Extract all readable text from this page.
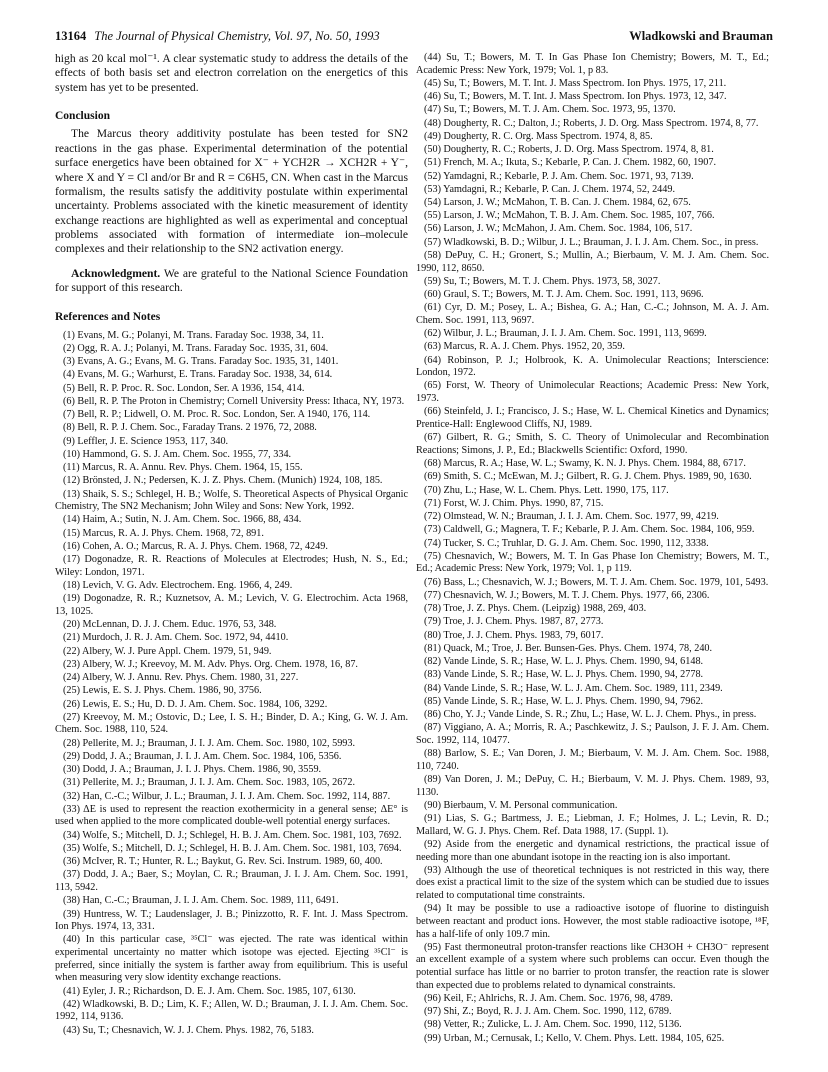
13164 The Journal of Physical Chemistry, Vol. 97, No. 50, 1993	Wladkowski and Brauman

high as 20 kcal mol⁻¹. A clear systematic study to address the details of the effects of both basis set and electron correlation on the energetics of this system has yet to be presented.

Conclusion

The Marcus theory additivity postulate has been tested for SN2 reactions in the gas phase. Experimental determination of the potential surface energetics have been obtained for X⁻ + YCH2R → XCH2R + Y⁻, where X and Y = Cl and/or Br and R = C6H5, CN. When cast in the Marcus formalism, the results satisfy the additivity postulate within experimental uncertainty. Problems associated with the kinetic measurement of identity exchange reactions are highlighted as well as experimental and conceptual problems associated with formation of intermediate ion–molecule complexes and their relationship to the SN2 activation energy.

Acknowledgment. We are grateful to the National Science Foundation for support of this research.

References and Notes

(1) Evans, M. G.; Polanyi, M. Trans. Faraday Soc. 1938, 34, 11.

(2) Ogg, R. A. J.; Polanyi, M. Trans. Faraday Soc. 1935, 31, 604.

(3) Evans, A. G.; Evans, M. G. Trans. Faraday Soc. 1935, 31, 1401.

(4) Evans, M. G.; Warhurst, E. Trans. Faraday Soc. 1938, 34, 614.

(5) Bell, R. P. Proc. R. Soc. London, Ser. A 1936, 154, 414.

(6) Bell, R. P. The Proton in Chemistry; Cornell University Press: Ithaca, NY, 1973.

(7) Bell, R. P.; Lidwell, O. M. Proc. R. Soc. London, Ser. A 1940, 176, 114.

(8) Bell, R. P. J. Chem. Soc., Faraday Trans. 2 1976, 72, 2088.

(9) Leffler, J. E. Science 1953, 117, 340.

(10) Hammond, G. S. J. Am. Chem. Soc. 1955, 77, 334.

(11) Marcus, R. A. Annu. Rev. Phys. Chem. 1964, 15, 155.

(12) Brönsted, J. N.; Pedersen, K. J. Z. Phys. Chem. (Munich) 1924, 108, 185.

(13) Shaik, S. S.; Schlegel, H. B.; Wolfe, S. Theoretical Aspects of Physical Organic Chemistry, The SN2 Mechanism; John Wiley and Sons: New York, 1992.

(14) Haim, A.; Sutin, N. J. Am. Chem. Soc. 1966, 88, 434.

(15) Marcus, R. A. J. Phys. Chem. 1968, 72, 891.

(16) Cohen, A. O.; Marcus, R. A. J. Phys. Chem. 1968, 72, 4249.

(17) Dogonadze, R. R. Reactions of Molecules at Electrodes; Hush, N. S., Ed.; Wiley: London, 1971.

(18) Levich, V. G. Adv. Electrochem. Eng. 1966, 4, 249.

(19) Dogonadze, R. R.; Kuznetsov, A. M.; Levich, V. G. Electrochim. Acta 1968, 13, 1025.

(20) McLennan, D. J. J. Chem. Educ. 1976, 53, 348.

(21) Murdoch, J. R. J. Am. Chem. Soc. 1972, 94, 4410.

(22) Albery, W. J. Pure Appl. Chem. 1979, 51, 949.

(23) Albery, W. J.; Kreevoy, M. M. Adv. Phys. Org. Chem. 1978, 16, 87.

(24) Albery, W. J. Annu. Rev. Phys. Chem. 1980, 31, 227.

(25) Lewis, E. S. J. Phys. Chem. 1986, 90, 3756.

(26) Lewis, E. S.; Hu, D. D. J. Am. Chem. Soc. 1984, 106, 3292.

(27) Kreevoy, M. M.; Ostovic, D.; Lee, I. S. H.; Binder, D. A.; King, G. W. J. Am. Chem. Soc. 1988, 110, 524.

(28) Pellerite, M. J.; Brauman, J. I. J. Am. Chem. Soc. 1980, 102, 5993.

(29) Dodd, J. A.; Brauman, J. I. J. Am. Chem. Soc. 1984, 106, 5356.

(30) Dodd, J. A.; Brauman, J. I. J. Phys. Chem. 1986, 90, 3559.

(31) Pellerite, M. J.; Brauman, J. I. J. Am. Chem. Soc. 1983, 105, 2672.

(32) Han, C.-C.; Wilbur, J. L.; Brauman, J. I. J. Am. Chem. Soc. 1992, 114, 887.

(33) ΔE is used to represent the reaction exothermicity in a general sense; ΔE° is used when applied to the more complicated double-well potential energy surfaces.

(34) Wolfe, S.; Mitchell, D. J.; Schlegel, H. B. J. Am. Chem. Soc. 1981, 103, 7692.

(35) Wolfe, S.; Mitchell, D. J.; Schlegel, H. B. J. Am. Chem. Soc. 1981, 103, 7694.

(36) McIver, R. T.; Hunter, R. L.; Baykut, G. Rev. Sci. Instrum. 1989, 60, 400.

(37) Dodd, J. A.; Baer, S.; Moylan, C. R.; Brauman, J. I. J. Am. Chem. Soc. 1991, 113, 5942.

(38) Han, C.-C.; Brauman, J. I. J. Am. Chem. Soc. 1989, 111, 6491.

(39) Huntress, W. T.; Laudenslager, J. B.; Pinizzotto, R. F. Int. J. Mass Spectrom. Ion Phys. 1974, 13, 331.

(40) In this particular case, ³⁵Cl⁻ was ejected. The rate was identical within experimental uncertainty no matter which isotope was ejected. Ejecting ³⁵Cl⁻ is preferred, since initially the system is farther away from equilibrium. This is useful when measuring very slow identity exchange reactions.

(41) Eyler, J. R.; Richardson, D. E. J. Am. Chem. Soc. 1985, 107, 6130.

(42) Wladkowski, B. D.; Lim, K. F.; Allen, W. D.; Brauman, J. I. J. Am. Chem. Soc. 1992, 114, 9136.

(43) Su, T.; Chesnavich, W. J. J. Chem. Phys. 1982, 76, 5183.

(44) Su, T.; Bowers, M. T. In Gas Phase Ion Chemistry; Bowers, M. T., Ed.; Academic Press: New York, 1979; Vol. 1, p 83.

(45) Su, T.; Bowers, M. T. Int. J. Mass Spectrom. Ion Phys. 1975, 17, 211.

(46) Su, T.; Bowers, M. T. Int. J. Mass Spectrom. Ion Phys. 1973, 12, 347.

(47) Su, T.; Bowers, M. T. J. Am. Chem. Soc. 1973, 95, 1370.

(48) Dougherty, R. C.; Dalton, J.; Roberts, J. D. Org. Mass Spectrom. 1974, 8, 77.

(49) Dougherty, R. C. Org. Mass Spectrom. 1974, 8, 85.

(50) Dougherty, R. C.; Roberts, J. D. Org. Mass Spectrom. 1974, 8, 81.

(51) French, M. A.; Ikuta, S.; Kebarle, P. Can. J. Chem. 1982, 60, 1907.

(52) Yamdagni, R.; Kebarle, P. J. Am. Chem. Soc. 1971, 93, 7139.

(53) Yamdagni, R.; Kebarle, P. Can. J. Chem. 1974, 52, 2449.

(54) Larson, J. W.; McMahon, T. B. Can. J. Chem. 1984, 62, 675.

(55) Larson, J. W.; McMahon, T. B. J. Am. Chem. Soc. 1985, 107, 766.

(56) Larson, J. W.; McMahon, J. Am. Chem. Soc. 1984, 106, 517.

(57) Wladkowski, B. D.; Wilbur, J. L.; Brauman, J. I. J. Am. Chem. Soc., in press.

(58) DePuy, C. H.; Gronert, S.; Mullin, A.; Bierbaum, V. M. J. Am. Chem. Soc. 1990, 112, 8650.

(59) Su, T.; Bowers, M. T. J. Chem. Phys. 1973, 58, 3027.

(60) Graul, S. T.; Bowers, M. T. J. Am. Chem. Soc. 1991, 113, 9696.

(61) Cyr, D. M.; Posey, L. A.; Bishea, G. A.; Han, C.-C.; Johnson, M. A. J. Am. Chem. Soc. 1991, 113, 9697.

(62) Wilbur, J. L.; Brauman, J. I. J. Am. Chem. Soc. 1991, 113, 9699.

(63) Marcus, R. A. J. Chem. Phys. 1952, 20, 359.

(64) Robinson, P. J.; Holbrook, K. A. Unimolecular Reactions; Interscience: London, 1972.

(65) Forst, W. Theory of Unimolecular Reactions; Academic Press: New York, 1973.

(66) Steinfeld, J. I.; Francisco, J. S.; Hase, W. L. Chemical Kinetics and Dynamics; Prentice-Hall: Englewood Cliffs, NJ, 1989.

(67) Gilbert, R. G.; Smith, S. C. Theory of Unimolecular and Recombination Reactions; Simons, J. P., Ed.; Blackwells Scientific: Oxford, 1990.

(68) Marcus, R. A.; Hase, W. L.; Swamy, K. N. J. Phys. Chem. 1984, 88, 6717.

(69) Smith, S. C.; McEwan, M. J.; Gilbert, R. G. J. Chem. Phys. 1989, 90, 1630.

(70) Zhu, L.; Hase, W. L. Chem. Phys. Lett. 1990, 175, 117.

(71) Forst, W. J. Chim. Phys. 1990, 87, 715.

(72) Olmstead, W. N.; Brauman, J. I. J. Am. Chem. Soc. 1977, 99, 4219.

(73) Caldwell, G.; Magnera, T. F.; Kebarle, P. J. Am. Chem. Soc. 1984, 106, 959.

(74) Tucker, S. C.; Truhlar, D. G. J. Am. Chem. Soc. 1990, 112, 3338.

(75) Chesnavich, W.; Bowers, M. T. In Gas Phase Ion Chemistry; Bowers, M. T., Ed.; Academic Press: New York, 1979; Vol. 1, p 119.

(76) Bass, L.; Chesnavich, W. J.; Bowers, M. T. J. Am. Chem. Soc. 1979, 101, 5493.

(77) Chesnavich, W. J.; Bowers, M. T. J. Chem. Phys. 1977, 66, 2306.

(78) Troe, J. Z. Phys. Chem. (Leipzig) 1988, 269, 403.

(79) Troe, J. J. Chem. Phys. 1987, 87, 2773.

(80) Troe, J. J. Chem. Phys. 1983, 79, 6017.

(81) Quack, M.; Troe, J. Ber. Bunsen-Ges. Phys. Chem. 1974, 78, 240.

(82) Vande Linde, S. R.; Hase, W. L. J. Phys. Chem. 1990, 94, 6148.

(83) Vande Linde, S. R.; Hase, W. L. J. Phys. Chem. 1990, 94, 2778.

(84) Vande Linde, S. R.; Hase, W. L. J. Am. Chem. Soc. 1989, 111, 2349.

(85) Vande Linde, S. R.; Hase, W. L. J. Phys. Chem. 1990, 94, 7962.

(86) Cho, Y. J.; Vande Linde, S. R.; Zhu, L.; Hase, W. L. J. Chem. Phys., in press.

(87) Viggiano, A. A.; Morris, R. A.; Paschkewitz, J. S.; Paulson, J. F. J. Am. Chem. Soc. 1992, 114, 10477.

(88) Barlow, S. E.; Van Doren, J. M.; Bierbaum, V. M. J. Am. Chem. Soc. 1988, 110, 7240.

(89) Van Doren, J. M.; DePuy, C. H.; Bierbaum, V. M. J. Phys. Chem. 1989, 93, 1130.

(90) Bierbaum, V. M. Personal communication.

(91) Lias, S. G.; Bartmess, J. E.; Liebman, J. F.; Holmes, J. L.; Levin, R. D.; Mallard, W. G. J. Phys. Chem. Ref. Data 1988, 17. (Suppl. 1).

(92) Aside from the energetic and dynamical restrictions, the practical issue of needing more than one abundant isotope in the reacting ion is also important.

(93) Although the use of theoretical techniques is not restricted in this way, there does exist a practical limit to the size of the system which can be studied due to issues related to computational time constraints.

(94) It may be possible to use a radioactive isotope of fluorine to distinguish between reactant and product ions. However, the most stable radioactive isotope, ¹⁸F, has a half-life of only 109.7 min.

(95) Fast thermoneutral proton-transfer reactions like CH3OH + CH3O⁻ represent an excellent example of a system where such problems can occur. Even though the potential surface has little or no barrier to proton transfer, the reaction rate is slower than expected due to problems related to dynamical constraints.

(96) Keil, F.; Ahlrichs, R. J. Am. Chem. Soc. 1976, 98, 4789.

(97) Shi, Z.; Boyd, R. J. J. Am. Chem. Soc. 1990, 112, 6789.

(98) Vetter, R.; Zulicke, L. J. Am. Chem. Soc. 1990, 112, 5136.

(99) Urban, M.; Cernusak, I.; Kello, V. Chem. Phys. Lett. 1984, 105, 625.
